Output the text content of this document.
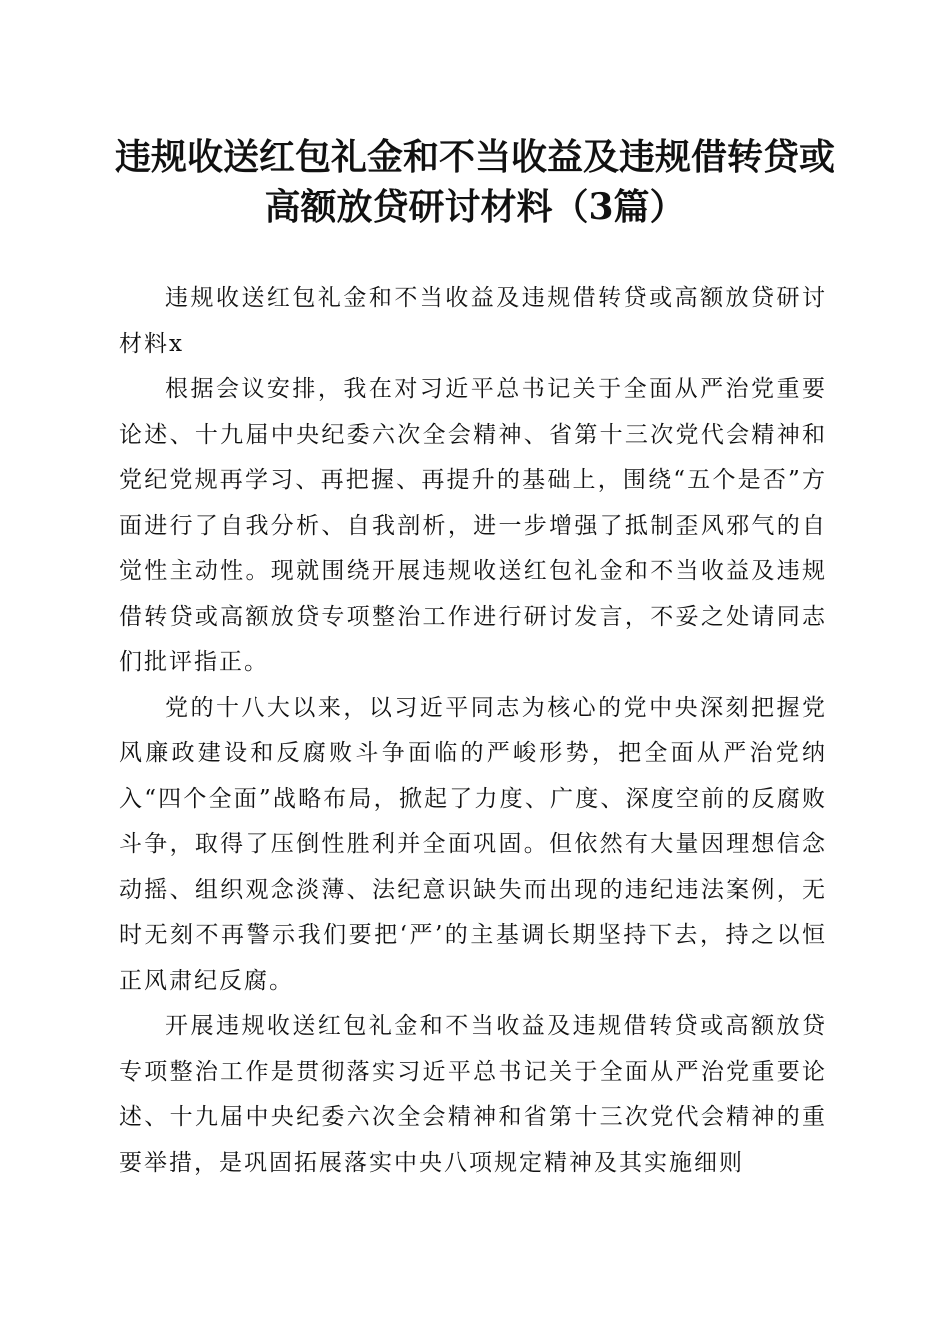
违规收送红包礼金和不当收益及违规借转贷或
高额放贷研讨材料（3篇）

违规收送红包礼金和不当收益及违规借转贷或高额放贷研讨材料x

根据会议安排，我在对习近平总书记关于全面从严治党重要论述、十九届中央纪委六次全会精神、省第十三次党代会精神和党纪党规再学习、再把握、再提升的基础上，围绕“五个是否”方面进行了自我分析、自我剖析，进一步增强了抵制歪风邪气的自觉性主动性。现就围绕开展违规收送红包礼金和不当收益及违规借转贷或高额放贷专项整治工作进行研讨发言，不妥之处请同志们批评指正。

党的十八大以来，以习近平同志为核心的党中央深刻把握党风廉政建设和反腐败斗争面临的严峻形势，把全面从严治党纳入“四个全面”战略布局，掀起了力度、广度、深度空前的反腐败斗争，取得了压倒性胜利并全面巩固。但依然有大量因理想信念动摇、组织观念淡薄、法纪意识缺失而出现的违纪违法案例，无时无刻不再警示我们要把‘严’的主基调长期坚持下去，持之以恒正风肃纪反腐。

开展违规收送红包礼金和不当收益及违规借转贷或高额放贷专项整治工作是贯彻落实习近平总书记关于全面从严治党重要论述、十九届中央纪委六次全会精神和省第十三次党代会精神的重要举措，是巩固拓展落实中央八项规定精神及其实施细则
